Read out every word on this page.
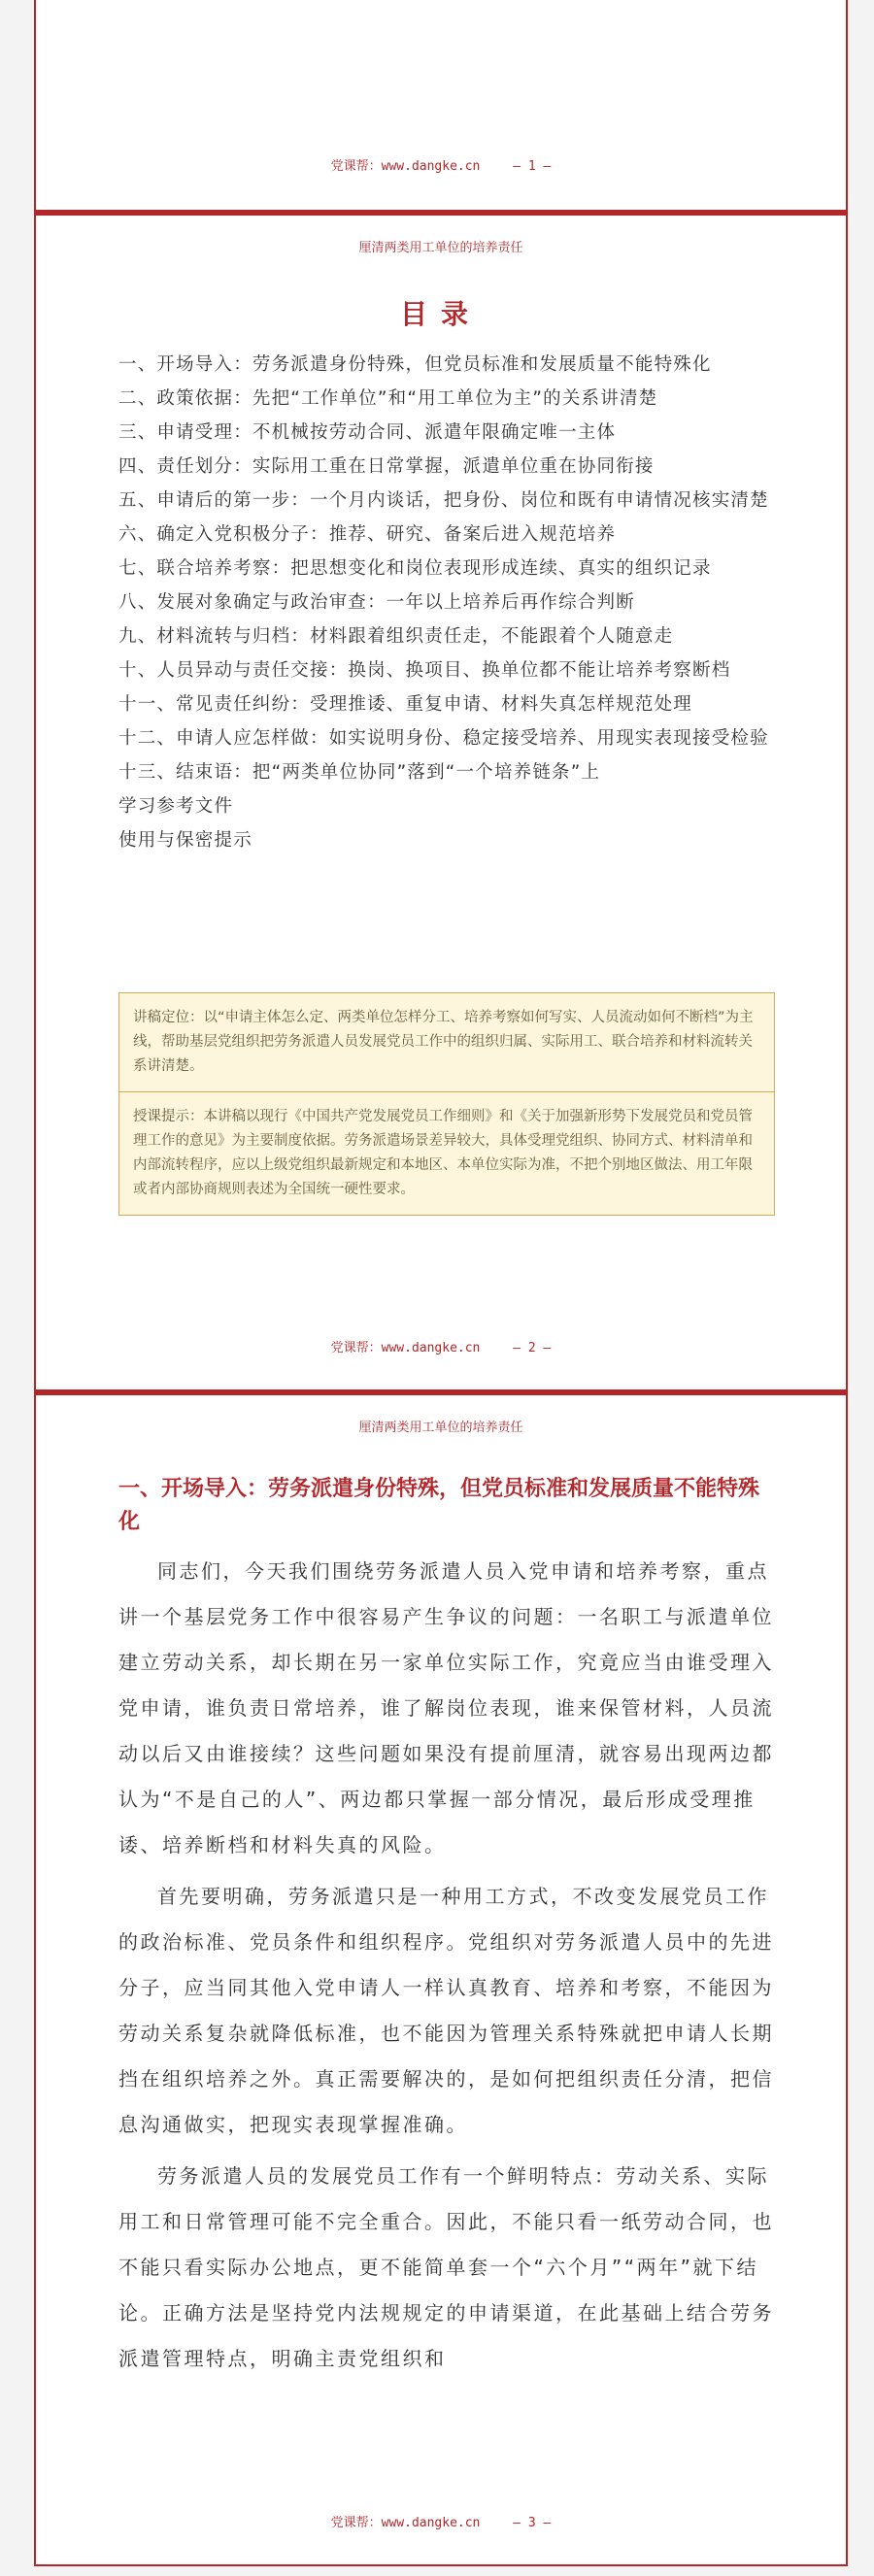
党课帮：www.dangke.cn	— 1 —
厘清两类用工单位的培养责任
目录
一、开场导入：劳务派遣身份特殊，但党员标准和发展质量不能特殊化
二、政策依据：先把“工作单位”和“用工单位为主”的关系讲清楚
三、申请受理：不机械按劳动合同、派遣年限确定唯一主体
四、责任划分：实际用工重在日常掌握，派遣单位重在协同衔接
五、申请后的第一步：一个月内谈话，把身份、岗位和既有申请情况核实清楚
六、确定入党积极分子：推荐、研究、备案后进入规范培养
七、联合培养考察：把思想变化和岗位表现形成连续、真实的组织记录
八、发展对象确定与政治审查：一年以上培养后再作综合判断
九、材料流转与归档：材料跟着组织责任走，不能跟着个人随意走
十、人员异动与责任交接：换岗、换项目、换单位都不能让培养考察断档
十一、常见责任纠纷：受理推诿、重复申请、材料失真怎样规范处理
十二、申请人应怎样做：如实说明身份、稳定接受培养、用现实表现接受检验
十三、结束语：把“两类单位协同”落到“一个培养链条”上
学习参考文件
使用与保密提示
讲稿定位：以“申请主体怎么定、两类单位怎样分工、培养考察如何写实、人员流动如何不断档”为主线，帮助基层党组织把劳务派遣人员发展党员工作中的组织归属、实际用工、联合培养和材料流转关系讲清楚。
授课提示：本讲稿以现行《中国共产党发展党员工作细则》和《关于加强新形势下发展党员和党员管理工作的意见》为主要制度依据。劳务派遣场景差异较大，具体受理党组织、协同方式、材料清单和内部流转程序，应以上级党组织最新规定和本地区、本单位实际为准，不把个别地区做法、用工年限或者内部协商规则表述为全国统一硬性要求。
党课帮：www.dangke.cn	— 2 —
厘清两类用工单位的培养责任
一、开场导入：劳务派遣身份特殊，但党员标准和发展质量不能特殊化

同志们，今天我们围绕劳务派遣人员入党申请和培养考察，重点讲一个基层党务工作中很容易产生争议的问题：一名职工与派遣单位建立劳动关系，却长期在另一家单位实际工作，究竟应当由谁受理入党申请，谁负责日常培养，谁了解岗位表现，谁来保管材料，人员流动以后又由谁接续？这些问题如果没有提前厘清，就容易出现两边都认为“不是自己的人”、两边都只掌握一部分情况，最后形成受理推诿、培养断档和材料失真的风险。

首先要明确，劳务派遣只是一种用工方式，不改变发展党员工作的政治标准、党员条件和组织程序。党组织对劳务派遣人员中的先进分子，应当同其他入党申请人一样认真教育、培养和考察，不能因为劳动关系复杂就降低标准，也不能因为管理关系特殊就把申请人长期挡在组织培养之外。真正需要解决的，是如何把组织责任分清，把信息沟通做实，把现实表现掌握准确。

劳务派遣人员的发展党员工作有一个鲜明特点：劳动关系、实际用工和日常管理可能不完全重合。因此，不能只看一纸劳动合同，也不能只看实际办公地点，更不能简单套一个“六个月”“两年”就下结论。正确方法是坚持党内法规规定的申请渠道，在此基础上结合劳务派遣管理特点，明确主责党组织和

党课帮：www.dangke.cn	— 3 —
